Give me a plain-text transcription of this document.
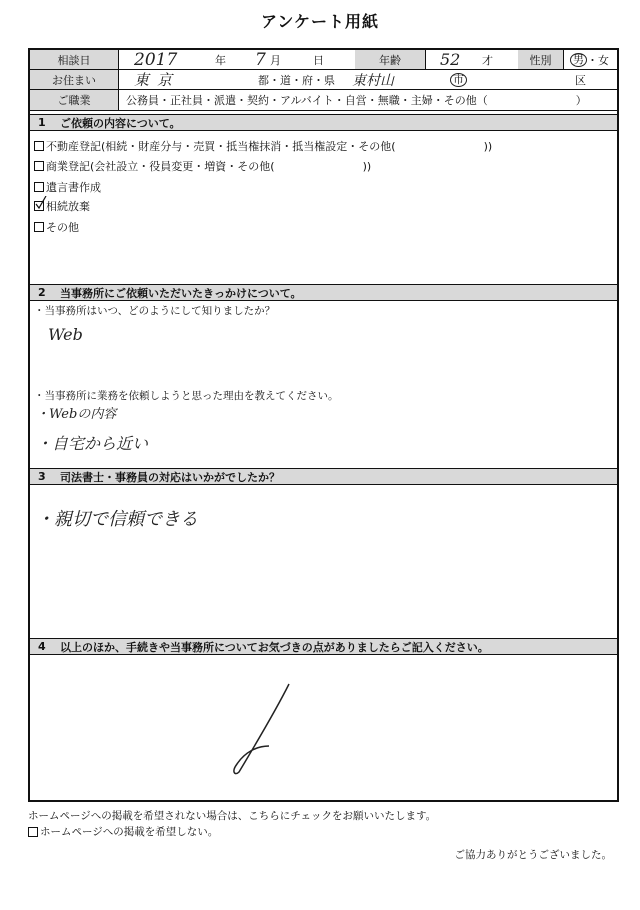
アンケート用紙
相談日	2017	年 7 月	日	年齢	52 才	性別	男 ・ 女
お住まい	東京	都・道・府・県 東村山	市	区
ご職業	公務員・正社員・派遣・契約・アルバイト・自営・無職・主婦・その他（　　　　　　　　）
1	ご依頼の内容について。
不動産登記(相続・財産分与・売買・抵当権抹消・抵当権設定・その他(　　　　　　　　))
商業登記(会社設立・役員変更・増資・その他(　　　　　　　　))
遺言書作成
相続放棄
その他
2	当事務所にご依頼いただいたきっかけについて。
・当事務所はいつ、どのようにして知りましたか？
Web
・当事務所に業務を依頼しようと思った理由を教えてください。
・Webの内容
・自宅から近い
3	司法書士・事務員の対応はいかがでしたか？
・親切で信頼できる
4	以上のほか、手続きや当事務所についてお気づきの点がありましたらご記入ください。
ホームページへの掲載を希望されない場合は、こちらにチェックをお願いいたします。
ホームページへの掲載を希望しない。
ご協力ありがとうございました。
